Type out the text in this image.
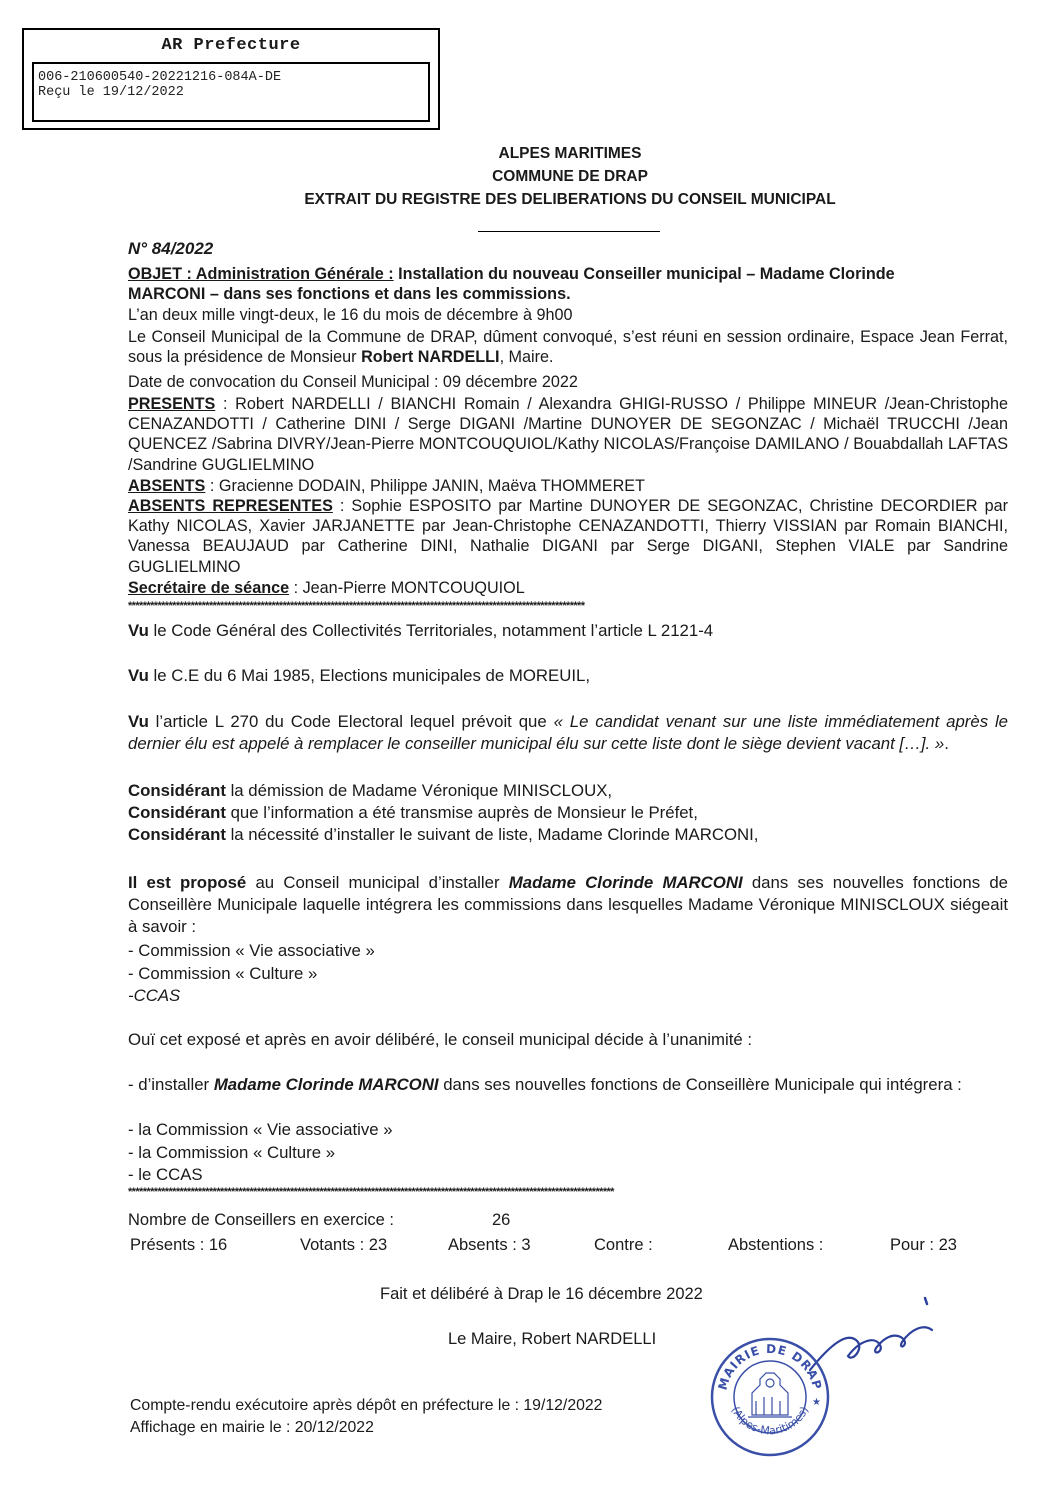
AR Prefecture
006-210600540-20221216-084A-DE
Reçu le 19/12/2022
ALPES MARITIMES
COMMUNE DE DRAP
EXTRAIT DU REGISTRE DES DELIBERATIONS DU CONSEIL MUNICIPAL
N° 84/2022
OBJET : Administration Générale : Installation du nouveau Conseiller municipal – Madame Clorinde
MARCONI – dans ses fonctions et dans les commissions.
L’an deux mille vingt-deux, le 16 du mois de décembre à 9h00
Le Conseil Municipal de la Commune de DRAP, dûment convoqué, s’est réuni en session ordinaire, Espace Jean Ferrat, sous la présidence de Monsieur Robert NARDELLI, Maire.
Date de convocation du Conseil Municipal : 09 décembre 2022
PRESENTS : Robert NARDELLI / BIANCHI Romain / Alexandra GHIGI-RUSSO / Philippe MINEUR /Jean-Christophe CENAZANDOTTI / Catherine DINI / Serge DIGANI /Martine DUNOYER DE SEGONZAC / Michaël TRUCCHI /Jean QUENCEZ /Sabrina DIVRY/Jean-Pierre MONTCOUQUIOL/Kathy NICOLAS/Françoise DAMILANO / Bouabdallah LAFTAS /Sandrine GUGLIELMINO
ABSENTS : Gracienne DODAIN, Philippe JANIN, Maëva THOMMERET
ABSENTS REPRESENTES : Sophie ESPOSITO par Martine DUNOYER DE SEGONZAC, Christine DECORDIER par Kathy NICOLAS, Xavier JARJANETTE par Jean-Christophe CENAZANDOTTI, Thierry VISSIAN par Romain BIANCHI, Vanessa BEAUJAUD par Catherine DINI, Nathalie DIGANI par Serge DIGANI, Stephen VIALE par Sandrine GUGLIELMINO
Secrétaire de séance : Jean-Pierre MONTCOUQUIOL
****************************************************************************************************************************
Vu le Code Général des Collectivités Territoriales, notamment l’article L 2121-4
Vu le C.E du 6 Mai 1985, Elections municipales de MOREUIL,
Vu l’article L 270 du Code Electoral lequel prévoit que « Le candidat venant sur une liste immédiatement après le dernier élu est appelé à remplacer le conseiller municipal élu sur cette liste dont le siège devient vacant […]. ».
Considérant la démission de Madame Véronique MINISCLOUX,
Considérant que l’information a été transmise auprès de Monsieur le Préfet,
Considérant la nécessité d’installer le suivant de liste, Madame Clorinde MARCONI,
Il est proposé au Conseil municipal d’installer Madame Clorinde MARCONI dans ses nouvelles fonctions de Conseillère Municipale laquelle intégrera les commissions dans lesquelles Madame Véronique MINISCLOUX siégeait à savoir :
- Commission « Vie associative »
- Commission « Culture »
-CCAS
Ouï cet exposé et après en avoir délibéré, le conseil municipal décide à l’unanimité :
- d’installer Madame Clorinde MARCONI dans ses nouvelles fonctions de Conseillère Municipale qui intégrera :
- la Commission « Vie associative »
- la Commission « Culture »
- le CCAS
************************************************************************************************************************************
Nombre de Conseillers en exercice :	26
Présents : 16	Votants : 23	Absents : 3	Contre :	Abstentions :	Pour : 23
Fait et délibéré à Drap le 16 décembre 2022
Le Maire, Robert NARDELLI
Compte-rendu exécutoire après dépôt en préfecture le : 19/12/2022
Affichage en mairie le : 20/12/2022
MAIRIE DE DRAP
(Alpes-Maritimes)
★
